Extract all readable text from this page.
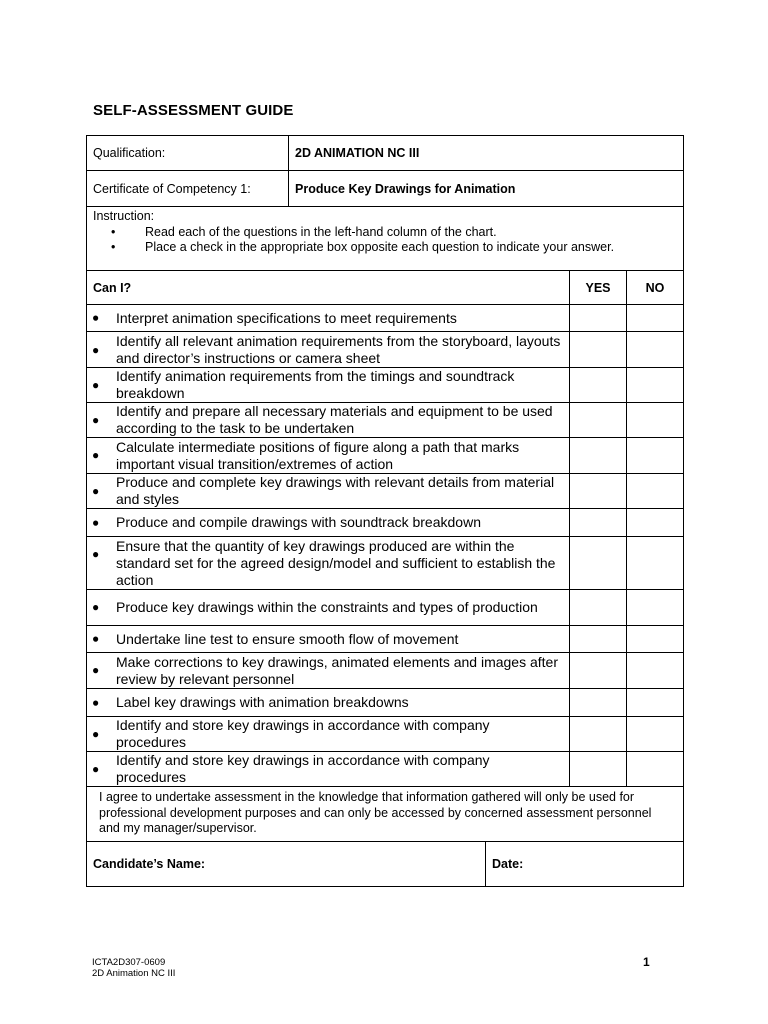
SELF-ASSESSMENT GUIDE
Qualification:	2D ANIMATION NC III
Certificate of Competency 1:	Produce Key Drawings for Animation
Instruction:
• Read each of the questions in the left-hand column of the chart.
• Place a check in the appropriate box opposite each question to indicate your answer.
Can I?	YES	NO
● Interpret animation specifications to meet requirements
●
Identify all relevant animation requirements from the storyboard, layouts and director’s instructions or camera sheet
●
Identify animation requirements from the timings and soundtrack breakdown
●
Identify and prepare all necessary materials and equipment to be used according to the task to be undertaken
●
Calculate intermediate positions of figure along a path that marks important visual transition/extremes of action
●
Produce and complete key drawings with relevant details from material and styles
● Produce and compile drawings with soundtrack breakdown
●
Ensure that the quantity of key drawings produced are within the standard set for the agreed design/model and sufficient to establish the action
● Produce key drawings within the constraints and types of production
● Undertake line test to ensure smooth flow of movement
●
Make corrections to key drawings, animated elements and images after review by relevant personnel
● Label key drawings with animation breakdowns
●
Identify and store key drawings in accordance with company procedures
●
Identify and store key drawings in accordance with company procedures
I agree to undertake assessment in the knowledge that information gathered will only be used for professional development purposes and can only be accessed by concerned assessment personnel and my manager/supervisor.
Candidate’s Name:	Date:
ICTA2D307-0609
2D Animation NC III
1
